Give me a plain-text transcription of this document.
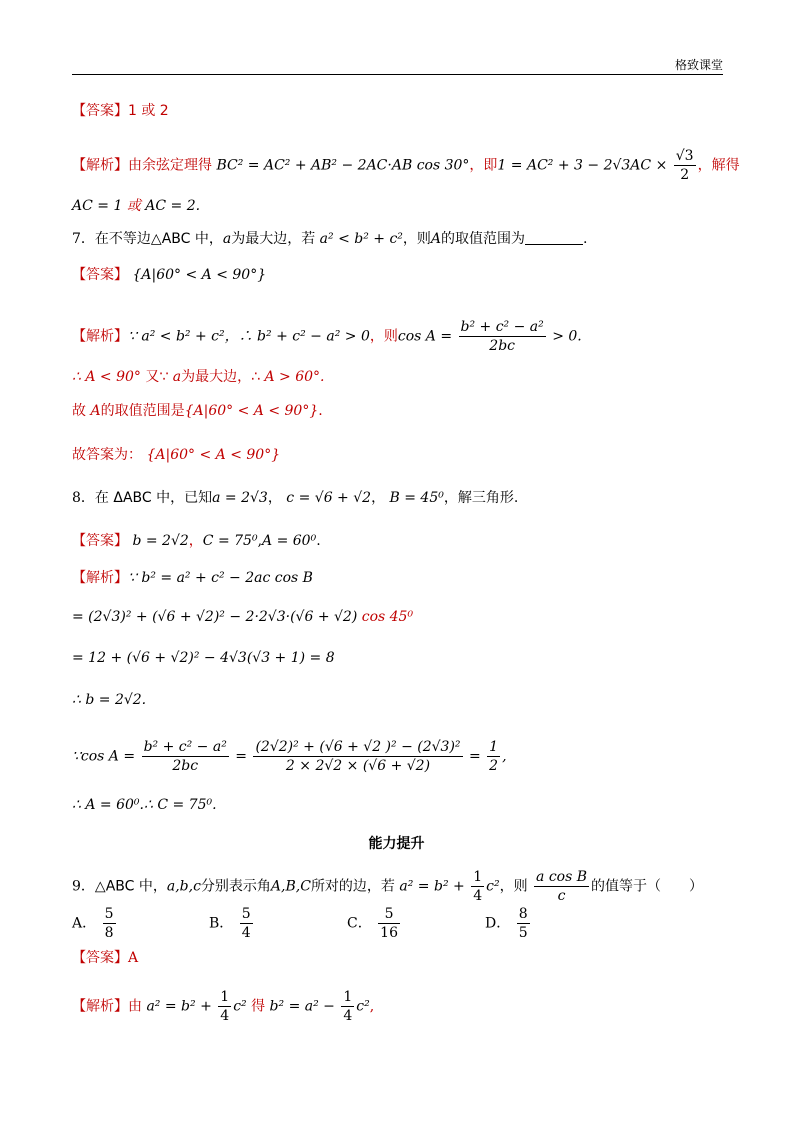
格致课堂
【答案】1 或 2
【解析】由余弦定理得 BC² = AC² + AB² − 2AC·AB cos 30°，即$1 = AC^2 + 3 - 2√3AC \times \frac{√3}{2}$ ，解得
AC = 1 或 AC = 2.
7．在不等边△ABC 中，a为最大边，若 a² < b² + c²，则A的取值范围为	.
【答案】 {A|60° < A < 90°}
【解析】∵ a² < b² + c²，∴ b² + c² − a² > 0，则$\cos A = \frac{\text{b² + c² − a²}}{2bc} > 0$.
∴ A < 90° 又∵ a为最大边，∴ A > 60°.
故 A的取值范围是{A|60° < A < 90°}.
故答案为： {A|60° < A < 90°}
8．在 ΔABC 中，已知a = 2√3， c = √6 + √2， B = 45⁰，解三角形.
【答案】 b = 2√2，C = 75⁰,A = 60⁰.
【解析】∵ b² = a² + c² − 2ac cos B
= (2√3)² + (√6 + √2)² − 2·2√3·(√6 + √2) cos 45⁰
= 12 + (√6 + √2)² − 4√3(√3 + 1) = 8
∴ b = 2√2.
∵cos $A = \frac{\text{b² + c² − a²}}{2bc} = \frac{\text{(2√2)² + (√6 + √2 )² − (2√3)²}}{2 \times 2√2 \times (√6 + √2)} = \frac{1}{2}$ ,
∴ A = 60⁰.∴ C = 75⁰.
能力提升
9．△ABC 中，a,b,c分别表示角A,B,C所对的边，若 $a^2 = b^2 + \frac{1}{4} c^2$，则 $\frac{\text{a cos B}}{c}$ 的值等于（　　）
A． $\frac{5}{8}$	B． $\frac{5}{4}$	C． $\frac{5}{16}$	D． $\frac{8}{5}$
【答案】A
【解析】由 $a^2 = b^2 + \frac{1}{4} c^2$ 得 $b^2 = a^2 - \frac{1}{4} c^2$,
